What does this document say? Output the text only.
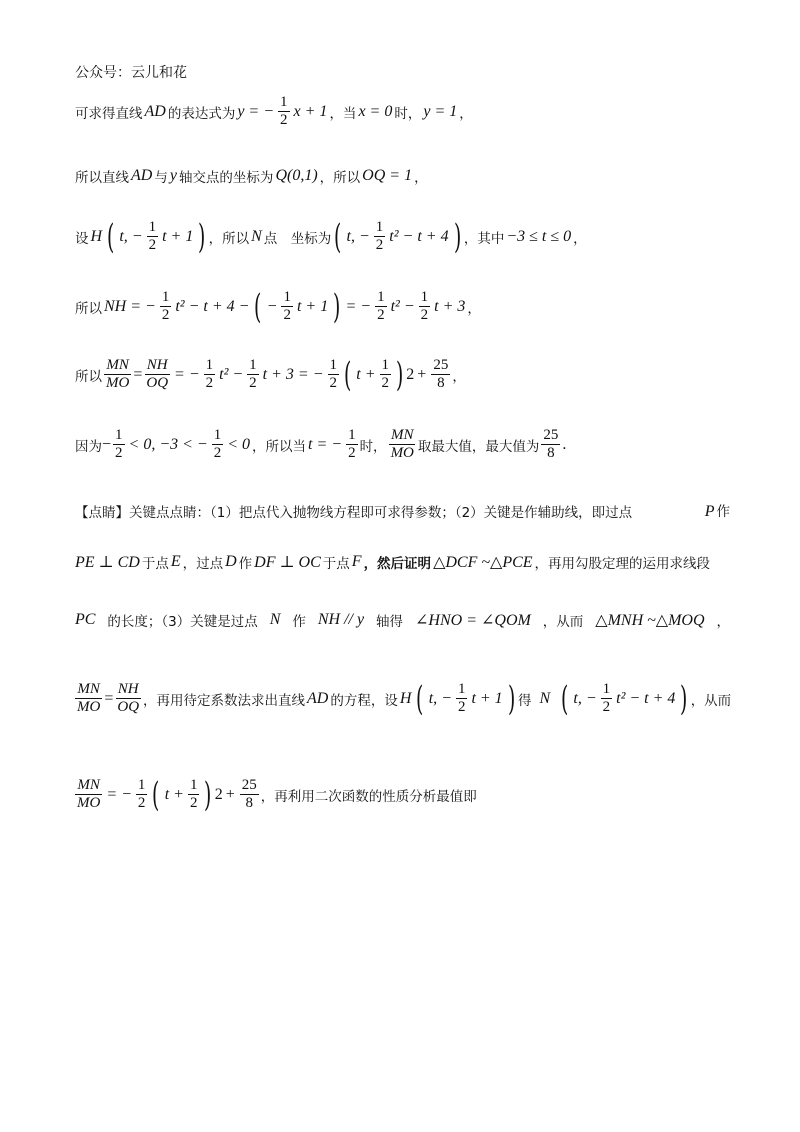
公众号：云儿和花
可求得直线 AD 的表达式为 y = − $\frac{1}{2}$ x + 1 ，当 x = 0 时， y = 1 ，
所以直线 AD 与 y 轴交点的坐标为 Q(0,1) ，所以 OQ = 1 ，
设 H ( t, − $\frac{1}{2}$ t + 1 ) ，所以 N 点　坐标为 ( t, − $\frac{1}{2} t^2 - t + 4$ ) ，其中 −3 ≤ t ≤ 0 ，
所以 NH = − $\frac{1}{2} t^2 - t + 4$ − ( − $\frac{1}{2}$ t + 1 ) = − $\frac{1}{2} t^2 - \frac{1}{2}$ t + 3 ，
所以 $\frac{MN}{MO} = \frac{NH}{OQ}$ = − $\frac{1}{2} t^2 - \frac{1}{2}$ t + 3 = − $\frac{1}{2}$ ( $t + \frac{1}{2}$ ) $2 + \frac{25}{8}$ ，
因为 − $\frac{1}{2} < 0$, −3 < − $\frac{1}{2} < 0$ ，所以当 t = − $\frac{1}{2}$ 时， $\frac{MN}{MO}$ 取最大值，最大值为 $\frac{25}{8}$ .
【点睛】关键点点睛：（1）把点代入抛物线方程即可求得参数；（2）关键是作辅助线，即过点	P 作
PE ⊥ CD 于点 E ，过点 D 作 DF ⊥ OC 于点 F ，然后证明 △DCF ~△PCE ，再用勾股定理的运用求线段
PC 的长度；（3）关键是过点 N 作 NH // y 轴得 ∠HNO = ∠QOM ，从而 △MNH ~△MOQ ，
$\frac{MN}{MO} = \frac{NH}{OQ}$ ，再用待定系数法求出直线 AD 的方程，设 H ( t, − $\frac{1}{2}$ t + 1 ) 得 N ( t, − $\frac{1}{2} t^2 - t + 4$ ) ，从而
$\frac{MN}{MO}$ = − $\frac{1}{2}$ ( $t + \frac{1}{2}$ ) $2 + \frac{25}{8}$ ，再利用二次函数的性质分析最值即
